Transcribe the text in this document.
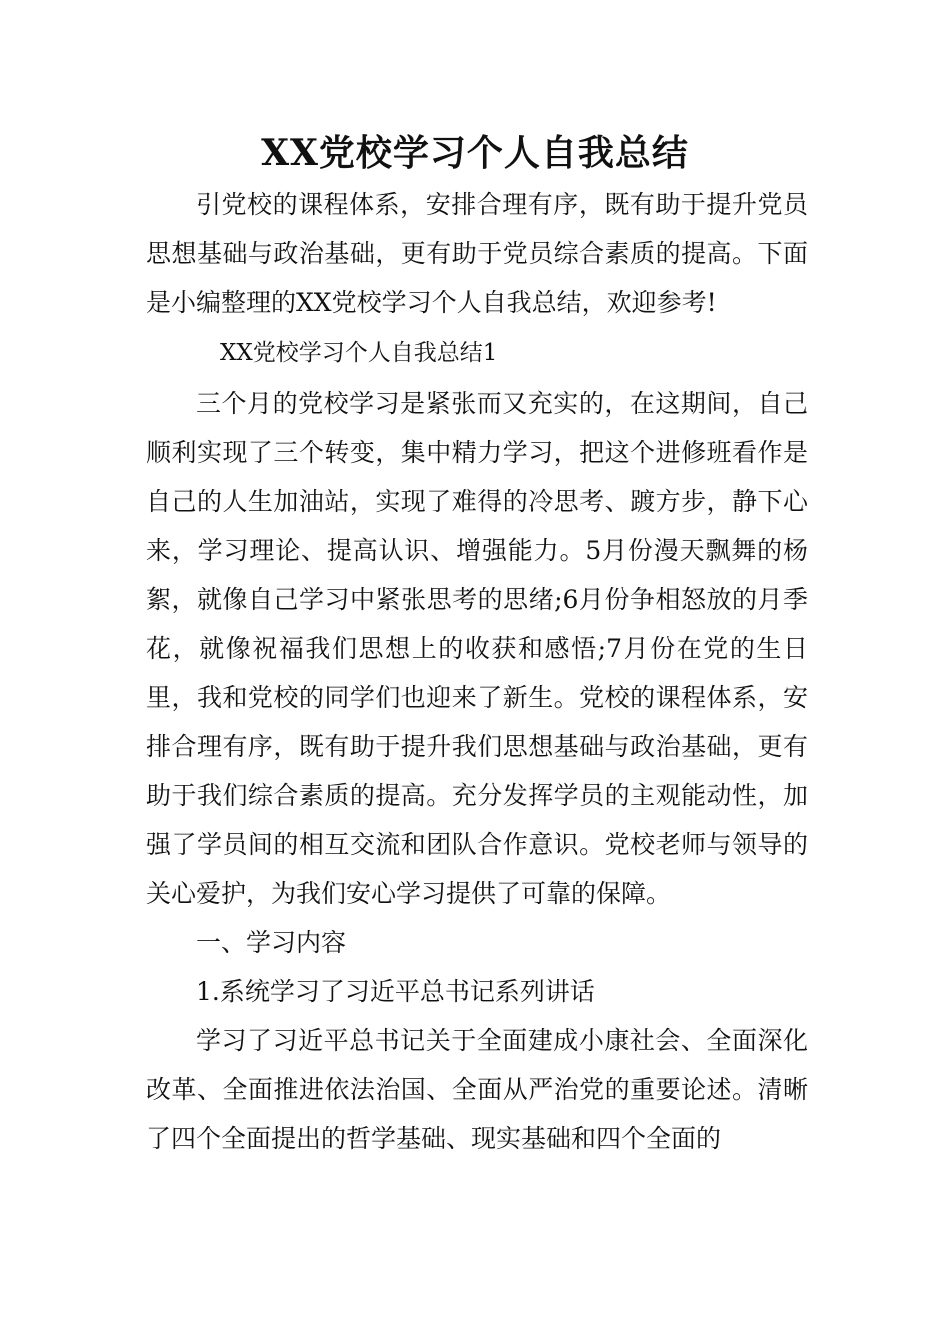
XX党校学习个人自我总结

引党校的课程体系，安排合理有序，既有助于提升党员思想基础与政治基础，更有助于党员综合素质的提高。下面是小编整理的XX党校学习个人自我总结，欢迎参考!

XX党校学习个人自我总结1

三个月的党校学习是紧张而又充实的，在这期间，自己顺利实现了三个转变，集中精力学习，把这个进修班看作是自己的人生加油站，实现了难得的冷思考、踱方步，静下心来，学习理论、提高认识、增强能力。5月份漫天飘舞的杨絮，就像自己学习中紧张思考的思绪;6月份争相怒放的月季花，就像祝福我们思想上的收获和感悟;7月份在党的生日里，我和党校的同学们也迎来了新生。党校的课程体系，安排合理有序，既有助于提升我们思想基础与政治基础，更有助于我们综合素质的提高。充分发挥学员的主观能动性，加强了学员间的相互交流和团队合作意识。党校老师与领导的关心爱护，为我们安心学习提供了可靠的保障。

一、学习内容

1.系统学习了习近平总书记系列讲话

学习了习近平总书记关于全面建成小康社会、全面深化改革、全面推进依法治国、全面从严治党的重要论述。清晰了四个全面提出的哲学基础、现实基础和四个全面的
